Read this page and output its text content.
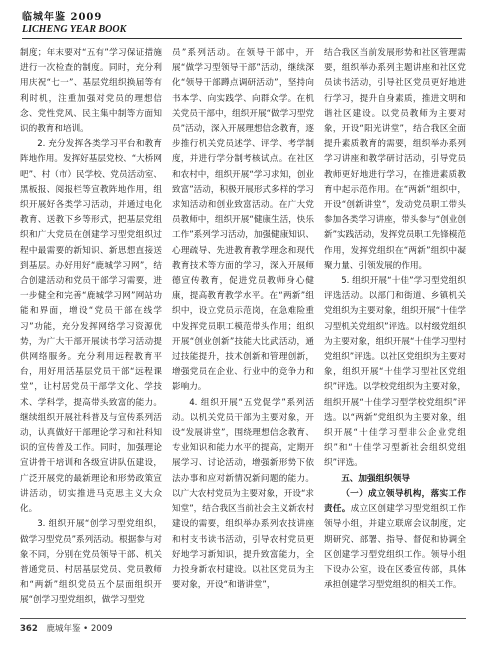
临城年鉴 2009
LICHENG YEAR BOOK

制度；年末要对“五有”学习保证措施进行一次检查的制度。同时，充分利用庆祝“七一”、基层党组织换届等有利时机，注重加强对党员的理想信念、党性党风、民主集中制等方面知识的教育和培训。

2. 充分发挥各类学习平台和教育阵地作用。发挥好基层党校、“大桥网吧”、村（市）民学校、党员活动室、黑板报、阅报栏等宣教阵地作用，组织开展好各类学习活动，并通过电化教育、送教下乡等形式，把基层党组织和广大党员在创建学习型党组织过程中最需要的新知识、新思想直接送到基层。办好用好“鹿城学习网”，结合创建活动和党员干部学习需要，进一步健全和完善“鹿城学习网”网站功能和界面，增设“党员干部在线学习”功能，充分发挥网络学习资源优势，为广大干部开展读书学习活动提供网络服务。充分利用远程教育平台，用好用活基层党员干部“远程课堂”，让村居党员干部学文化、学技术、学科学，提高带头致富的能力。继续组织开展社科普及与宣传系列活动，认真做好干部理论学习和社科知识的宣传普及工作。同时，加强理论宣讲骨干培训和各级宣讲队伍建设，广泛开展党的最新理论和形势政策宣讲活动，切实推进马克思主义大众化。

3. 组织开展“创学习型党组织，做学习型党员”系列活动。根据参与对象不同，分别在党员领导干部、机关普通党员、村居基层党员、党员教师和“两新”组织党员五个层面组织开展“创学习型党组织，做学习型党

员”系列活动。在领导干部中，开展“做学习型领导干部”活动，继续深化“领导干部蹲点调研活动”，坚持向书本学、向实践学、向群众学。在机关党员干部中，组织开展“做学习型党员”活动，深入开展理想信念教育，逐步推行机关党员述学、评学、考学制度，并进行学分制考核试点。在社区和农村中，组织开展“学习求知，创业致富”活动，积极开展形式多样的学习求知活动和创业致富活动。在广大党员教师中，组织开展“健康生活，快乐工作”系列学习活动，加强健康知识、心理疏导、先进教育教学理念和现代教育技术等方面的学习，深入开展师德宣传教育，促进党员教师身心健康，提高教育教学水平。在“两新”组织中，设立党员示范岗，在急难险重中发挥党员职工模范带头作用；组织开展“创业创新”技能大比武活动，通过技能提升，技术创新和管理创新，增强党员在企业、行业中的竞争力和影响力。

4. 组织开展“五党促学”系列活动。以机关党员干部为主要对象，开设“发展讲堂”，围绕理想信念教育、专业知识和能力水平的提高，定期开展学习、讨论活动，增强新形势下依法办事和应对新情况新问题的能力。以广大农村党员为主要对象，开设“求知堂”，结合我区当前社会主义新农村建设的需要，组织举办系列农技讲座和村支书读书活动，引导农村党员更好地学习新知识，提升致富能力，全力投身新农村建设。以社区党员为主要对象，开设“和谐讲堂”，

结合我区当前发展形势和社区管理需要，组织举办系列主题讲座和社区党员读书活动，引导社区党员更好地进行学习，提升自身素质，推进文明和谐社区建设。以党员教师为主要对象，开设“阳光讲堂”，结合我区全面提升素质教育的需要，组织举办系列学习讲座和教学研讨活动，引导党员教师更好地进行学习，在推进素质教育中起示范作用。在“两新”组织中，开设“创新讲堂”，发动党员职工带头参加各类学习讲座，带头参与“创业创新”实践活动，发挥党员职工先锋模范作用，发挥党组织在“两新”组织中凝聚力量、引领发展的作用。

5. 组织开展“十佳”学习型党组织评选活动。以部门和街道、乡镇机关党组织为主要对象，组织开展“十佳学习型机关党组织”评选。以村级党组织为主要对象，组织开展“十佳学习型村党组织”评选。以社区党组织为主要对象，组织开展“十佳学习型社区党组织”评选。以学校党组织为主要对象，组织开展“十佳学习型学校党组织”评选。以“两新”党组织为主要对象，组织开展“十佳学习型非公企业党组织”和“十佳学习型新社会组织党组织”评选。

五、加强组织领导

（一）成立领导机构，落实工作责任。成立区创建学习型党组织工作领导小组，并建立联席会议制度，定期研究、部署、指导、督促和协调全区创建学习型党组织工作。领导小组下设办公室，设在区委宣传部，具体承担创建学习型党组织的相关工作。

362 鹿城年鉴 • 2009
